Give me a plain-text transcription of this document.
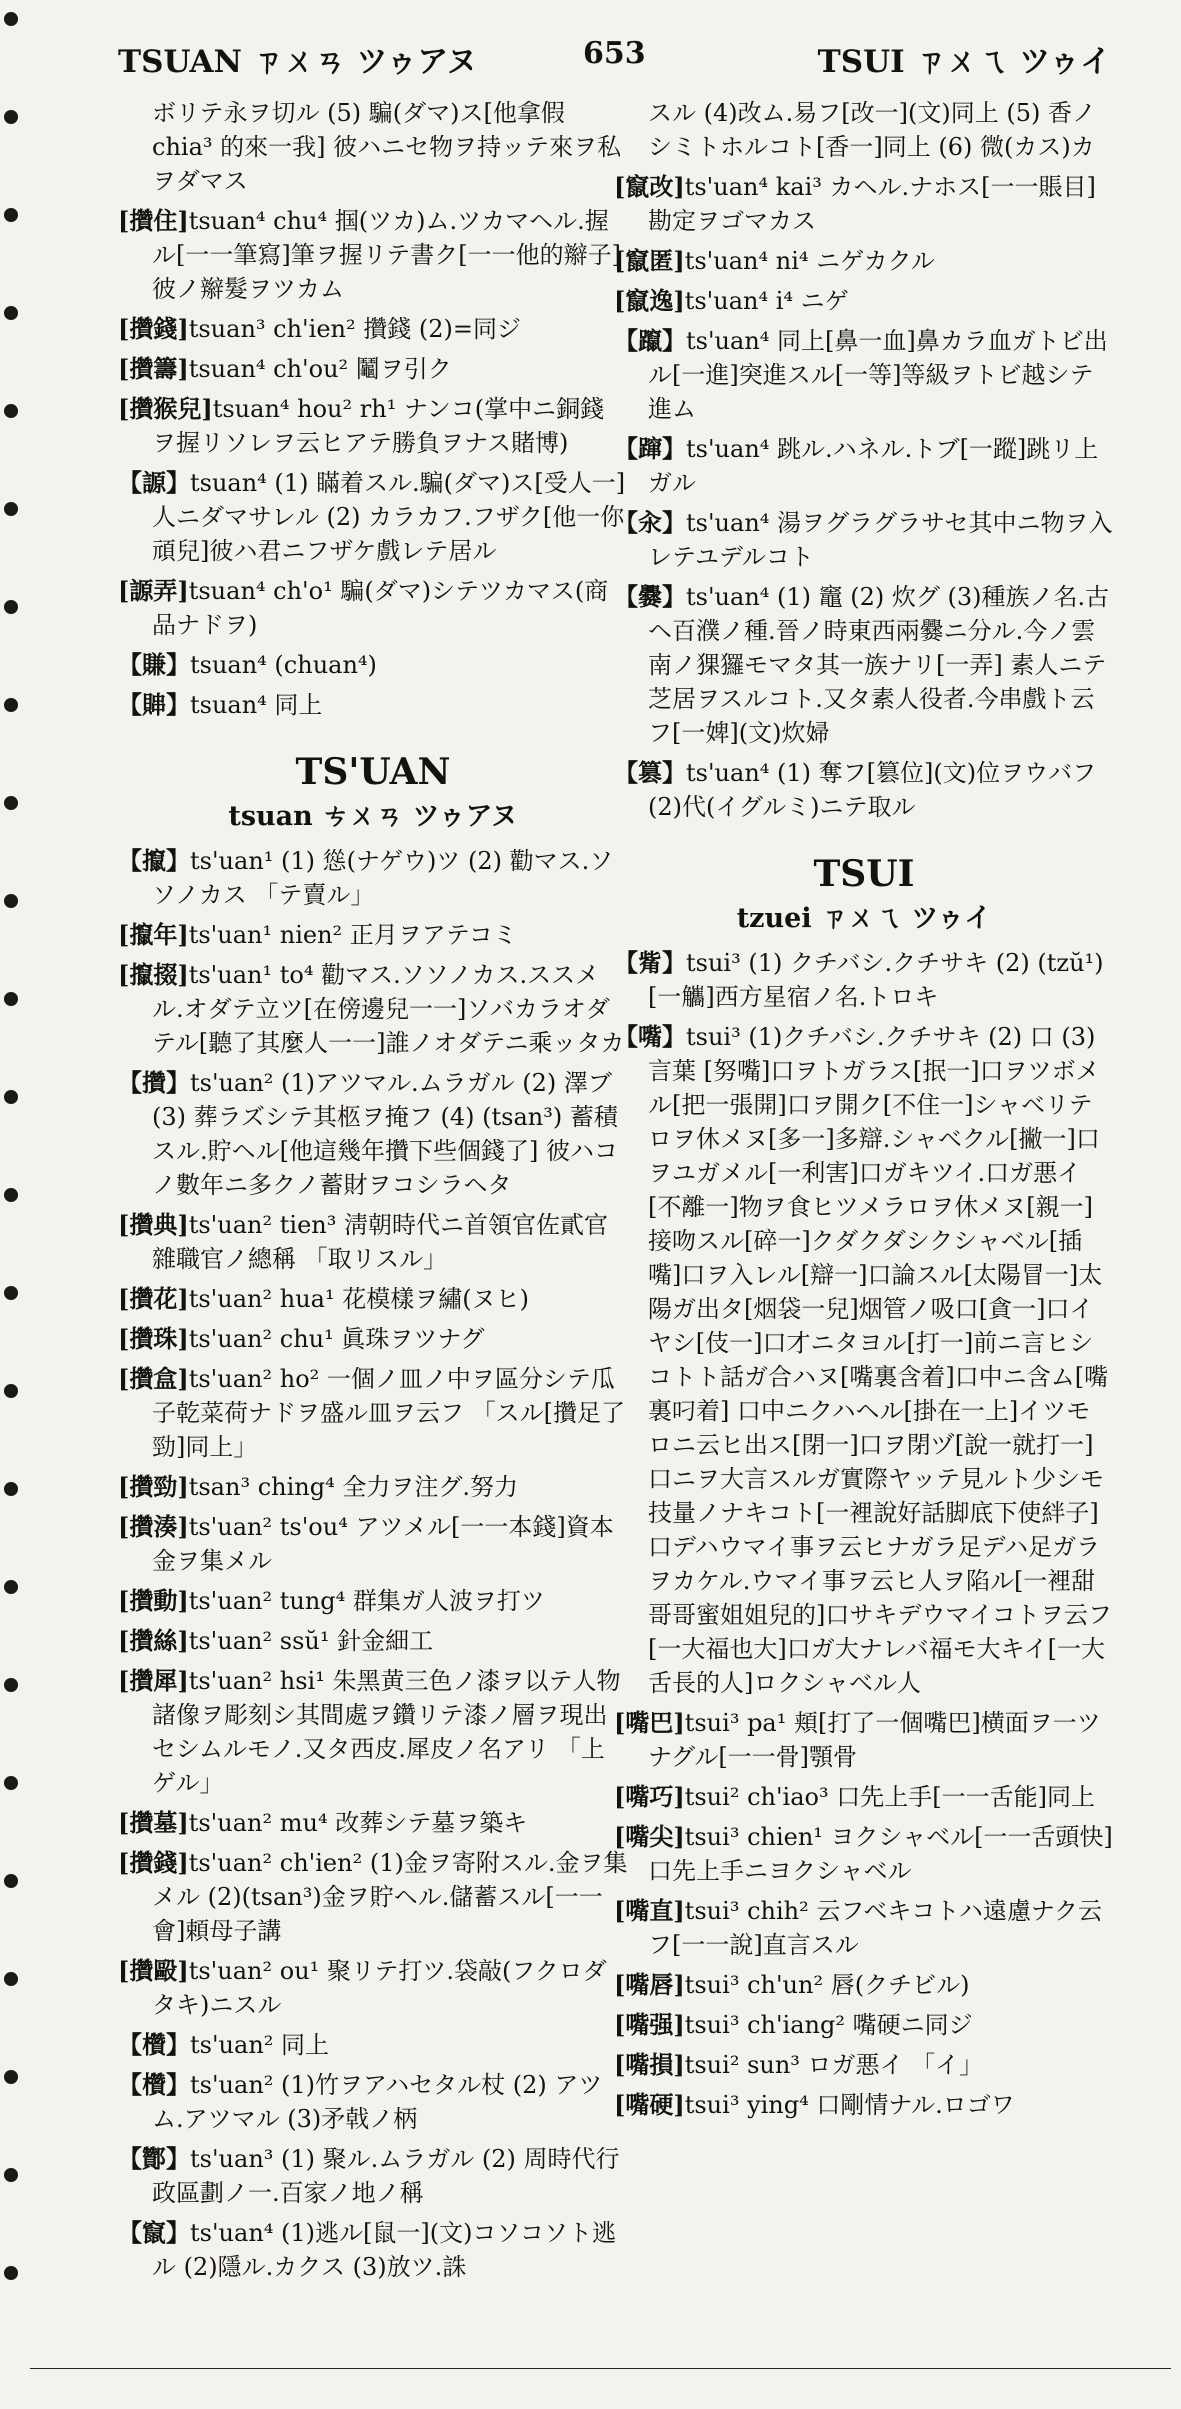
TSUAN ㄗㄨㄢ ツゥアヌ	653	TSUI ㄗㄨㄟ ツゥイ
ボリテ永ヲ切ル (5) 騙(ダマ)ス[他拿假 chia³ 的來一我] 彼ハニセ物ヲ持ッテ來ヲ私ヲダマス
[攢住]tsuan⁴ chu⁴ 掴(ツカ)ム.ツカマヘル.握ル[一一筆寫]筆ヲ握リテ書ク[一一他的辮子]彼ノ辮髮ヲツカム
[攢錢]tsuan³ ch'ien² 攢錢 (2)=同ジ
[攢籌]tsuan⁴ ch'ou² 鬮ヲ引ク
[攢猴兒]tsuan⁴ hou² rh¹ ナンコ(掌中ニ銅錢ヲ握リソレヲ云ヒアテ勝負ヲナス賭博)
【謜】tsuan⁴ (1) 瞞着スル.騙(ダマ)ス[受人一]人ニダマサレル (2) カラカフ.フザク[他一你頑兒]彼ハ君ニフザケ戲レテ居ル
[謜弄]tsuan⁴ ch'o¹ 騙(ダマ)シテツカマス(商品ナドヲ)
【賺】tsuan⁴ (chuan⁴)
【賗】tsuan⁴ 同上
TS'UAN
tsuan ㄘㄨㄢ ツゥアヌ
【攛】ts'uan¹ (1) 慫(ナゲウ)ツ (2) 勸マス.ソソノカス 「テ賣ル」
[攛年]ts'uan¹ nien² 正月ヲアテコミ
[攛掇]ts'uan¹ to⁴ 勸マス.ソソノカス.ススメル.オダテ立ツ[在傍邊兒一一]ソバカラオダテル[聽了其麼人一一]誰ノオダテニ乘ッタカ
【攢】ts'uan² (1)アツマル.ムラガル (2) 澤ブ (3) 葬ラズシテ其柩ヲ掩フ (4) (tsan³) 蓄積スル.貯ヘル[他這幾年攢下些個錢了] 彼ハコノ數年ニ多クノ蓄財ヲコシラヘタ
[攢典]ts'uan² tien³ 淸朝時代ニ首領官佐貳官雜職官ノ總稱 「取リスル」
[攢花]ts'uan² hua¹ 花模樣ヲ繡(ヌヒ)
[攢珠]ts'uan² chu¹ 眞珠ヲツナグ
[攢盒]ts'uan² ho² 一個ノ皿ノ中ヲ區分シテ瓜子乾菜荷ナドヲ盛ル皿ヲ云フ 「スル[攢足了勁]同上」
[攢勁]tsan³ ching⁴ 全力ヲ注グ.努力
[攢湊]ts'uan² ts'ou⁴ アツメル[一一本錢]資本金ヲ集メル
[攢動]ts'uan² tung⁴ 群集ガ人波ヲ打ツ
[攢絲]ts'uan² ssŭ¹ 針金細工
[攢犀]ts'uan² hsi¹ 朱黑黄三色ノ漆ヲ以テ人物諸像ヲ彫刻シ其間處ヲ鑽リテ漆ノ層ヲ現出セシムルモノ.又タ西皮.犀皮ノ名アリ 「上ゲル」
[攢墓]ts'uan² mu⁴ 改葬シテ墓ヲ築キ
[攢錢]ts'uan² ch'ien² (1)金ヲ寄附スル.金ヲ集メル (2)(tsan³)金ヲ貯ヘル.儲蓄スル[一一會]頼母子講
[攢毆]ts'uan² ou¹ 聚リテ打ツ.袋敲(フクロダタキ)ニスル
【欑】ts'uan² 同上
【欑】ts'uan² (1)竹ヲアハセタル杖 (2) アツム.アツマル (3)矛戟ノ柄
【酇】ts'uan³ (1) 聚ル.ムラガル (2) 周時代行政區劃ノ一.百家ノ地ノ稱
【竄】ts'uan⁴ (1)逃ル[鼠一](文)コソコソト逃ル (2)隱ル.カクス (3)放ツ.誅
スル (4)改ム.易フ[改一](文)同上 (5) 香ノシミトホルコト[香一]同上 (6) 微(カス)カ
[竄改]ts'uan⁴ kai³ カヘル.ナホス[一一賬目]勘定ヲゴマカス
[竄匿]ts'uan⁴ ni⁴ ニゲカクル
[竄逸]ts'uan⁴ i⁴ ニゲ
【躥】ts'uan⁴ 同上[鼻一血]鼻カラ血ガトビ出ル[一進]突進スル[一等]等級ヲトビ越シテ進ム
【蹿】ts'uan⁴ 跳ル.ハネル.トブ[一蹤]跳リ上ガル
【汆】ts'uan⁴ 湯ヲグラグラサセ其中ニ物ヲ入レテユデルコト
【爨】ts'uan⁴ (1) 竈 (2) 炊グ (3)種族ノ名.古ヘ百濮ノ種.晉ノ時東西兩爨ニ分ル.今ノ雲南ノ猓玀モマタ其一族ナリ[一弄] 素人ニテ芝居ヲスルコト.又タ素人役者.今串戲ト云フ[一婢](文)炊婦
【篡】ts'uan⁴ (1) 奪フ[篡位](文)位ヲウバフ (2)代(イグルミ)ニテ取ル
TSUI
tzuei ㄗㄨㄟ ツゥイ
【觜】tsui³ (1) クチバシ.クチサキ (2) (tzŭ¹)[一觿]西方星宿ノ名.トロキ
【嘴】tsui³ (1)クチバシ.クチサキ (2) 口 (3) 言葉 [努嘴]口ヲトガラス[抿一]口ヲツボメル[把一張開]口ヲ開ク[不住一]シャベリテロヲ休メヌ[多一]多辯.シャベクル[撇一]口ヲユガメル[一利害]口ガキツイ.口ガ悪イ[不離一]物ヲ食ヒツメラロヲ休メヌ[親一]接吻スル[碎一]クダクダシクシャベル[插嘴]口ヲ入レル[辯一]口論スル[太陽冒一]太陽ガ出タ[烟袋一兒]烟管ノ吸口[貪一]口イヤシ[伎一]口才ニタヨル[打一]前ニ言ヒシコトト話ガ合ハヌ[嘴裏含着]口中ニ含ム[嘴裏叼着] 口中ニクハヘル[掛在一上]イツモロニ云ヒ出ス[閉一]口ヲ閉ヅ[說一就打一]口ニヲ大言スルガ實際ヤッテ見ルト少シモ技量ノナキコト[一裡說好話脚底下使絆子]口デハウマイ事ヲ云ヒナガラ足デハ足ガラヲカケル.ウマイ事ヲ云ヒ人ヲ陷ル[一裡甜哥哥蜜姐姐兒的]口サキデウマイコトヲ云フ[一大福也大]口ガ大ナレバ福モ大キイ[一大舌長的人]ロクシャベル人
[嘴巴]tsui³ pa¹ 頬[打了一個嘴巴]横面ヲ一ツナグル[一一骨]顎骨
[嘴巧]tsui² ch'iao³ 口先上手[一一舌能]同上
[嘴尖]tsui³ chien¹ ヨクシャベル[一一舌頭快]口先上手ニヨクシャベル
[嘴直]tsui³ chih² 云フベキコトハ遠慮ナク云フ[一一說]直言スル
[嘴唇]tsui³ ch'un² 唇(クチビル)
[嘴强]tsui³ ch'iang² 嘴硬ニ同ジ
[嘴損]tsui² sun³ ロガ悪イ 「イ」
[嘴硬]tsui³ ying⁴ 口剛情ナル.ロゴワ
